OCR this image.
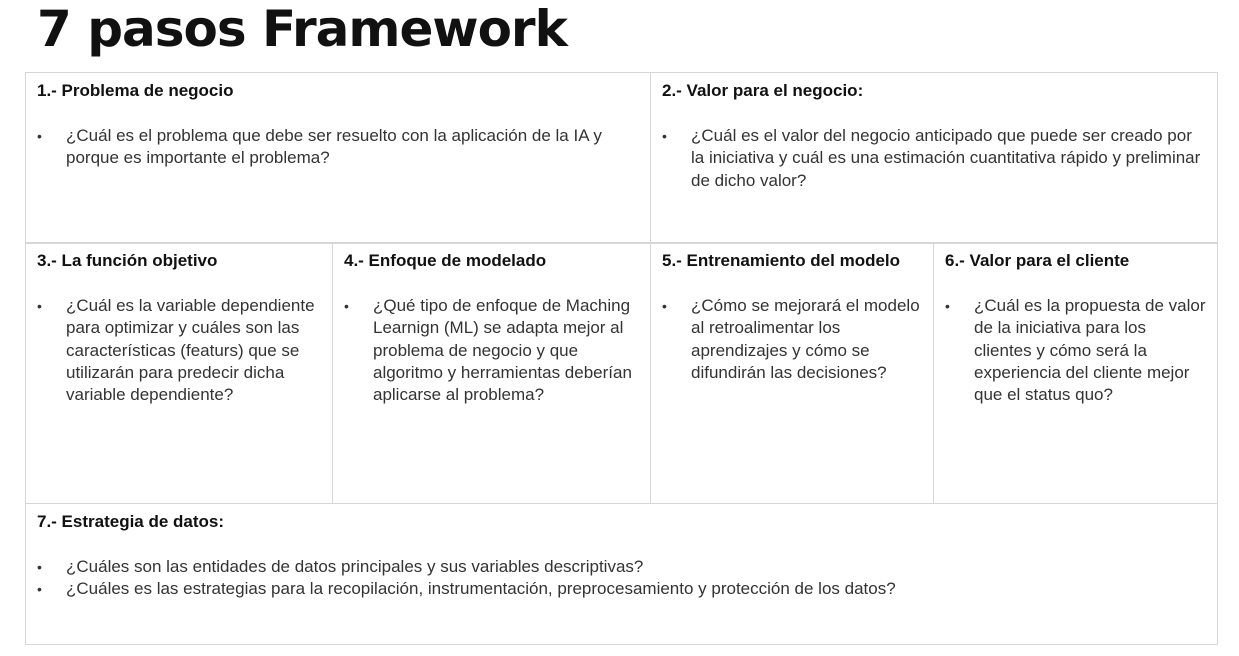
7 pasos Framework
1.- Problema de negocio
• ¿Cuál es el problema que debe ser resuelto con la aplicación de la IA y porque es importante el problema?
2.- Valor para el negocio:
• ¿Cuál es el valor del negocio anticipado que puede ser creado por la iniciativa y cuál es una estimación cuantitativa rápido y preliminar de dicho valor?
3.- La función objetivo
• ¿Cuál es la variable dependiente para optimizar y cuáles son las características (featurs) que se utilizarán para predecir dicha variable dependiente?
4.- Enfoque de modelado
• ¿Qué tipo de enfoque de Maching Learnign (ML) se adapta mejor al problema de negocio y que algoritmo y herramientas deberían aplicarse al problema?
5.- Entrenamiento del modelo
• ¿Cómo se mejorará el modelo al retroalimentar los aprendizajes y cómo se difundirán las decisiones?
6.- Valor para el cliente
• ¿Cuál es la propuesta de valor de la iniciativa para los clientes y cómo será la experiencia del cliente mejor que el status quo?
7.- Estrategia de datos:
• ¿Cuáles son las entidades de datos principales y sus variables descriptivas?
• ¿Cuáles es las estrategias para la recopilación, instrumentación, preprocesamiento y protección de los datos?
